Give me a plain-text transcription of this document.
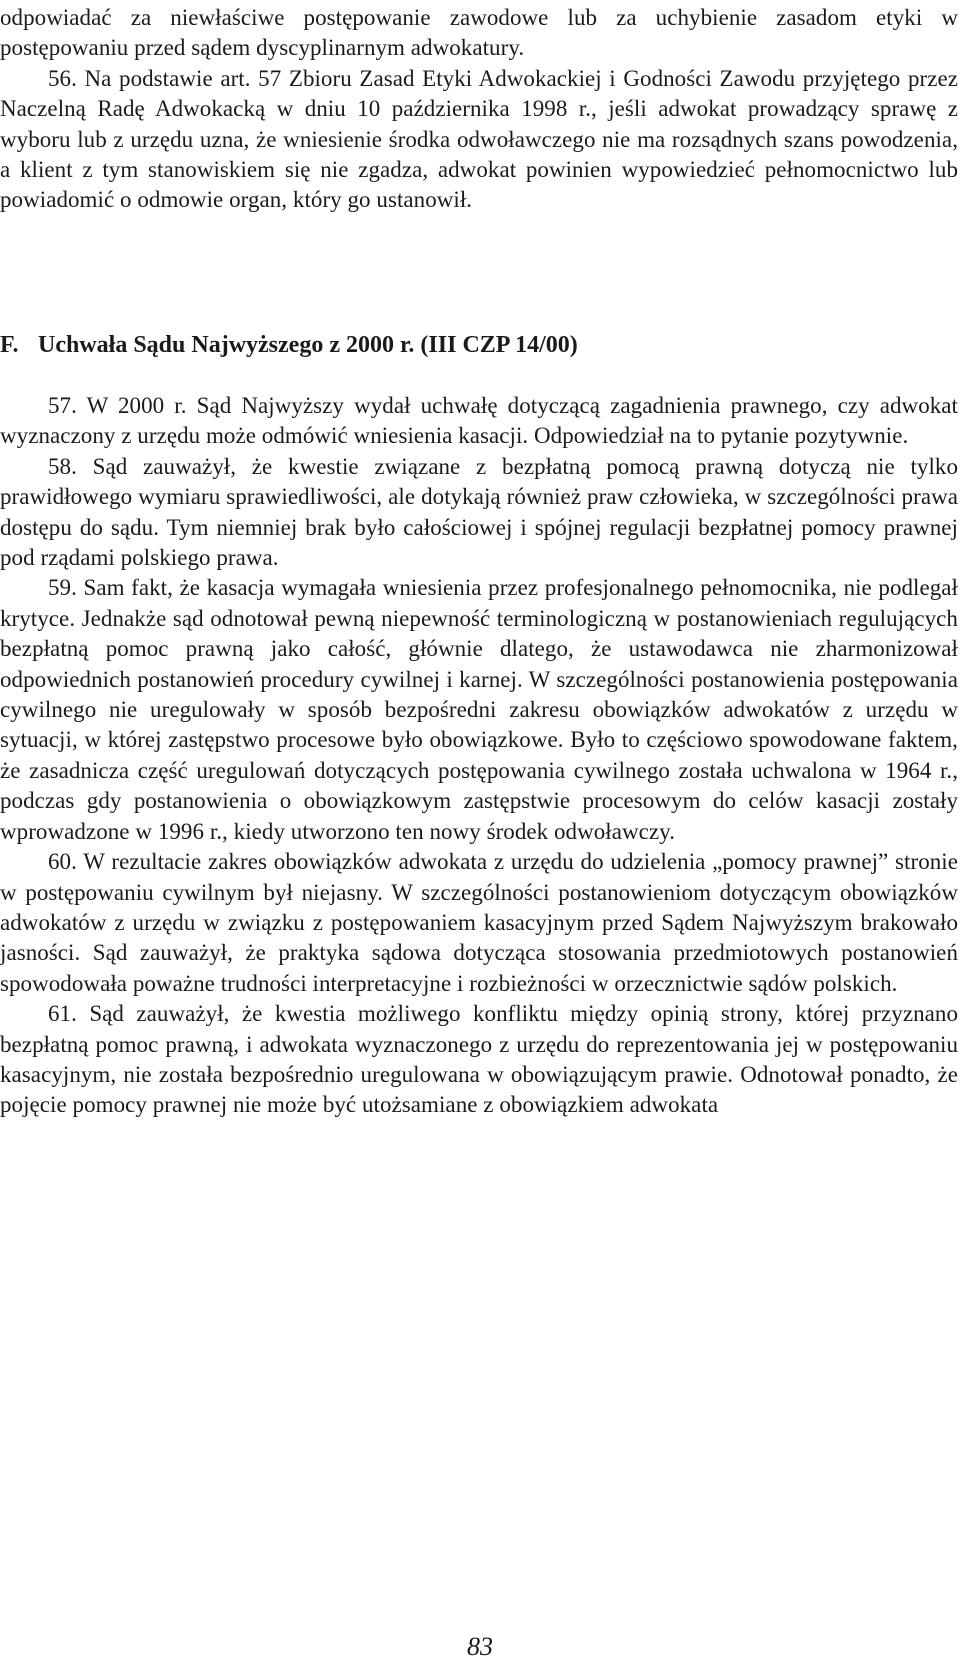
odpowiadać za niewłaściwe postępowanie zawodowe lub za uchybienie zasadom etyki w postępowaniu przed sądem dyscyplinarnym adwokatury.

56. Na podstawie art. 57 Zbioru Zasad Etyki Adwokackiej i Godności Zawodu przyjętego przez Naczelną Radę Adwokacką w dniu 10 października 1998 r., jeśli adwokat prowadzący sprawę z wyboru lub z urzędu uzna, że wniesienie środka odwoławczego nie ma rozsądnych szans powodzenia, a klient z tym stanowiskiem się nie zgadza, adwokat powinien wypowiedzieć pełnomocnictwo lub powiadomić o odmowie organ, który go ustanowił.

F. Uchwała Sądu Najwyższego z 2000 r. (III CZP 14/00)

57. W 2000 r. Sąd Najwyższy wydał uchwałę dotyczącą zagadnienia prawnego, czy adwokat wyznaczony z urzędu może odmówić wniesienia kasacji. Odpowiedział na to pytanie pozytywnie.

58. Sąd zauważył, że kwestie związane z bezpłatną pomocą prawną dotyczą nie tylko prawidłowego wymiaru sprawiedliwości, ale dotykają również praw człowieka, w szczególności prawa dostępu do sądu. Tym niemniej brak było całościowej i spójnej regulacji bezpłatnej pomocy prawnej pod rządami polskiego prawa.

59. Sam fakt, że kasacja wymagała wniesienia przez profesjonalnego pełnomocnika, nie podlegał krytyce. Jednakże sąd odnotował pewną niepewność terminologiczną w postanowieniach regulujących bezpłatną pomoc prawną jako całość, głównie dlatego, że ustawodawca nie zharmonizował odpowiednich postanowień procedury cywilnej i karnej. W szczególności postanowienia postępowania cywilnego nie uregulowały w sposób bezpośredni zakresu obowiązków adwokatów z urzędu w sytuacji, w której zastępstwo procesowe było obowiązkowe. Było to częściowo spowodowane faktem, że zasadnicza część uregulowań dotyczących postępowania cywilnego została uchwalona w 1964 r., podczas gdy postanowienia o obowiązkowym zastępstwie procesowym do celów kasacji zostały wprowadzone w 1996 r., kiedy utworzono ten nowy środek odwoławczy.

60. W rezultacie zakres obowiązków adwokata z urzędu do udzielenia „pomocy prawnej” stronie w postępowaniu cywilnym był niejasny. W szczególności postanowieniom dotyczącym obowiązków adwokatów z urzędu w związku z postępowaniem kasacyjnym przed Sądem Najwyższym brakowało jasności. Sąd zauważył, że praktyka sądowa dotycząca stosowania przedmiotowych postanowień spowodowała poważne trudności interpretacyjne i rozbieżności w orzecznictwie sądów polskich.

61. Sąd zauważył, że kwestia możliwego konfliktu między opinią strony, której przyznano bezpłatną pomoc prawną, i adwokata wyznaczonego z urzędu do reprezentowania jej w postępowaniu kasacyjnym, nie została bezpośrednio uregulowana w obowiązującym prawie. Odnotował ponadto, że pojęcie pomocy prawnej nie może być utożsamiane z obowiązkiem adwokata

83
